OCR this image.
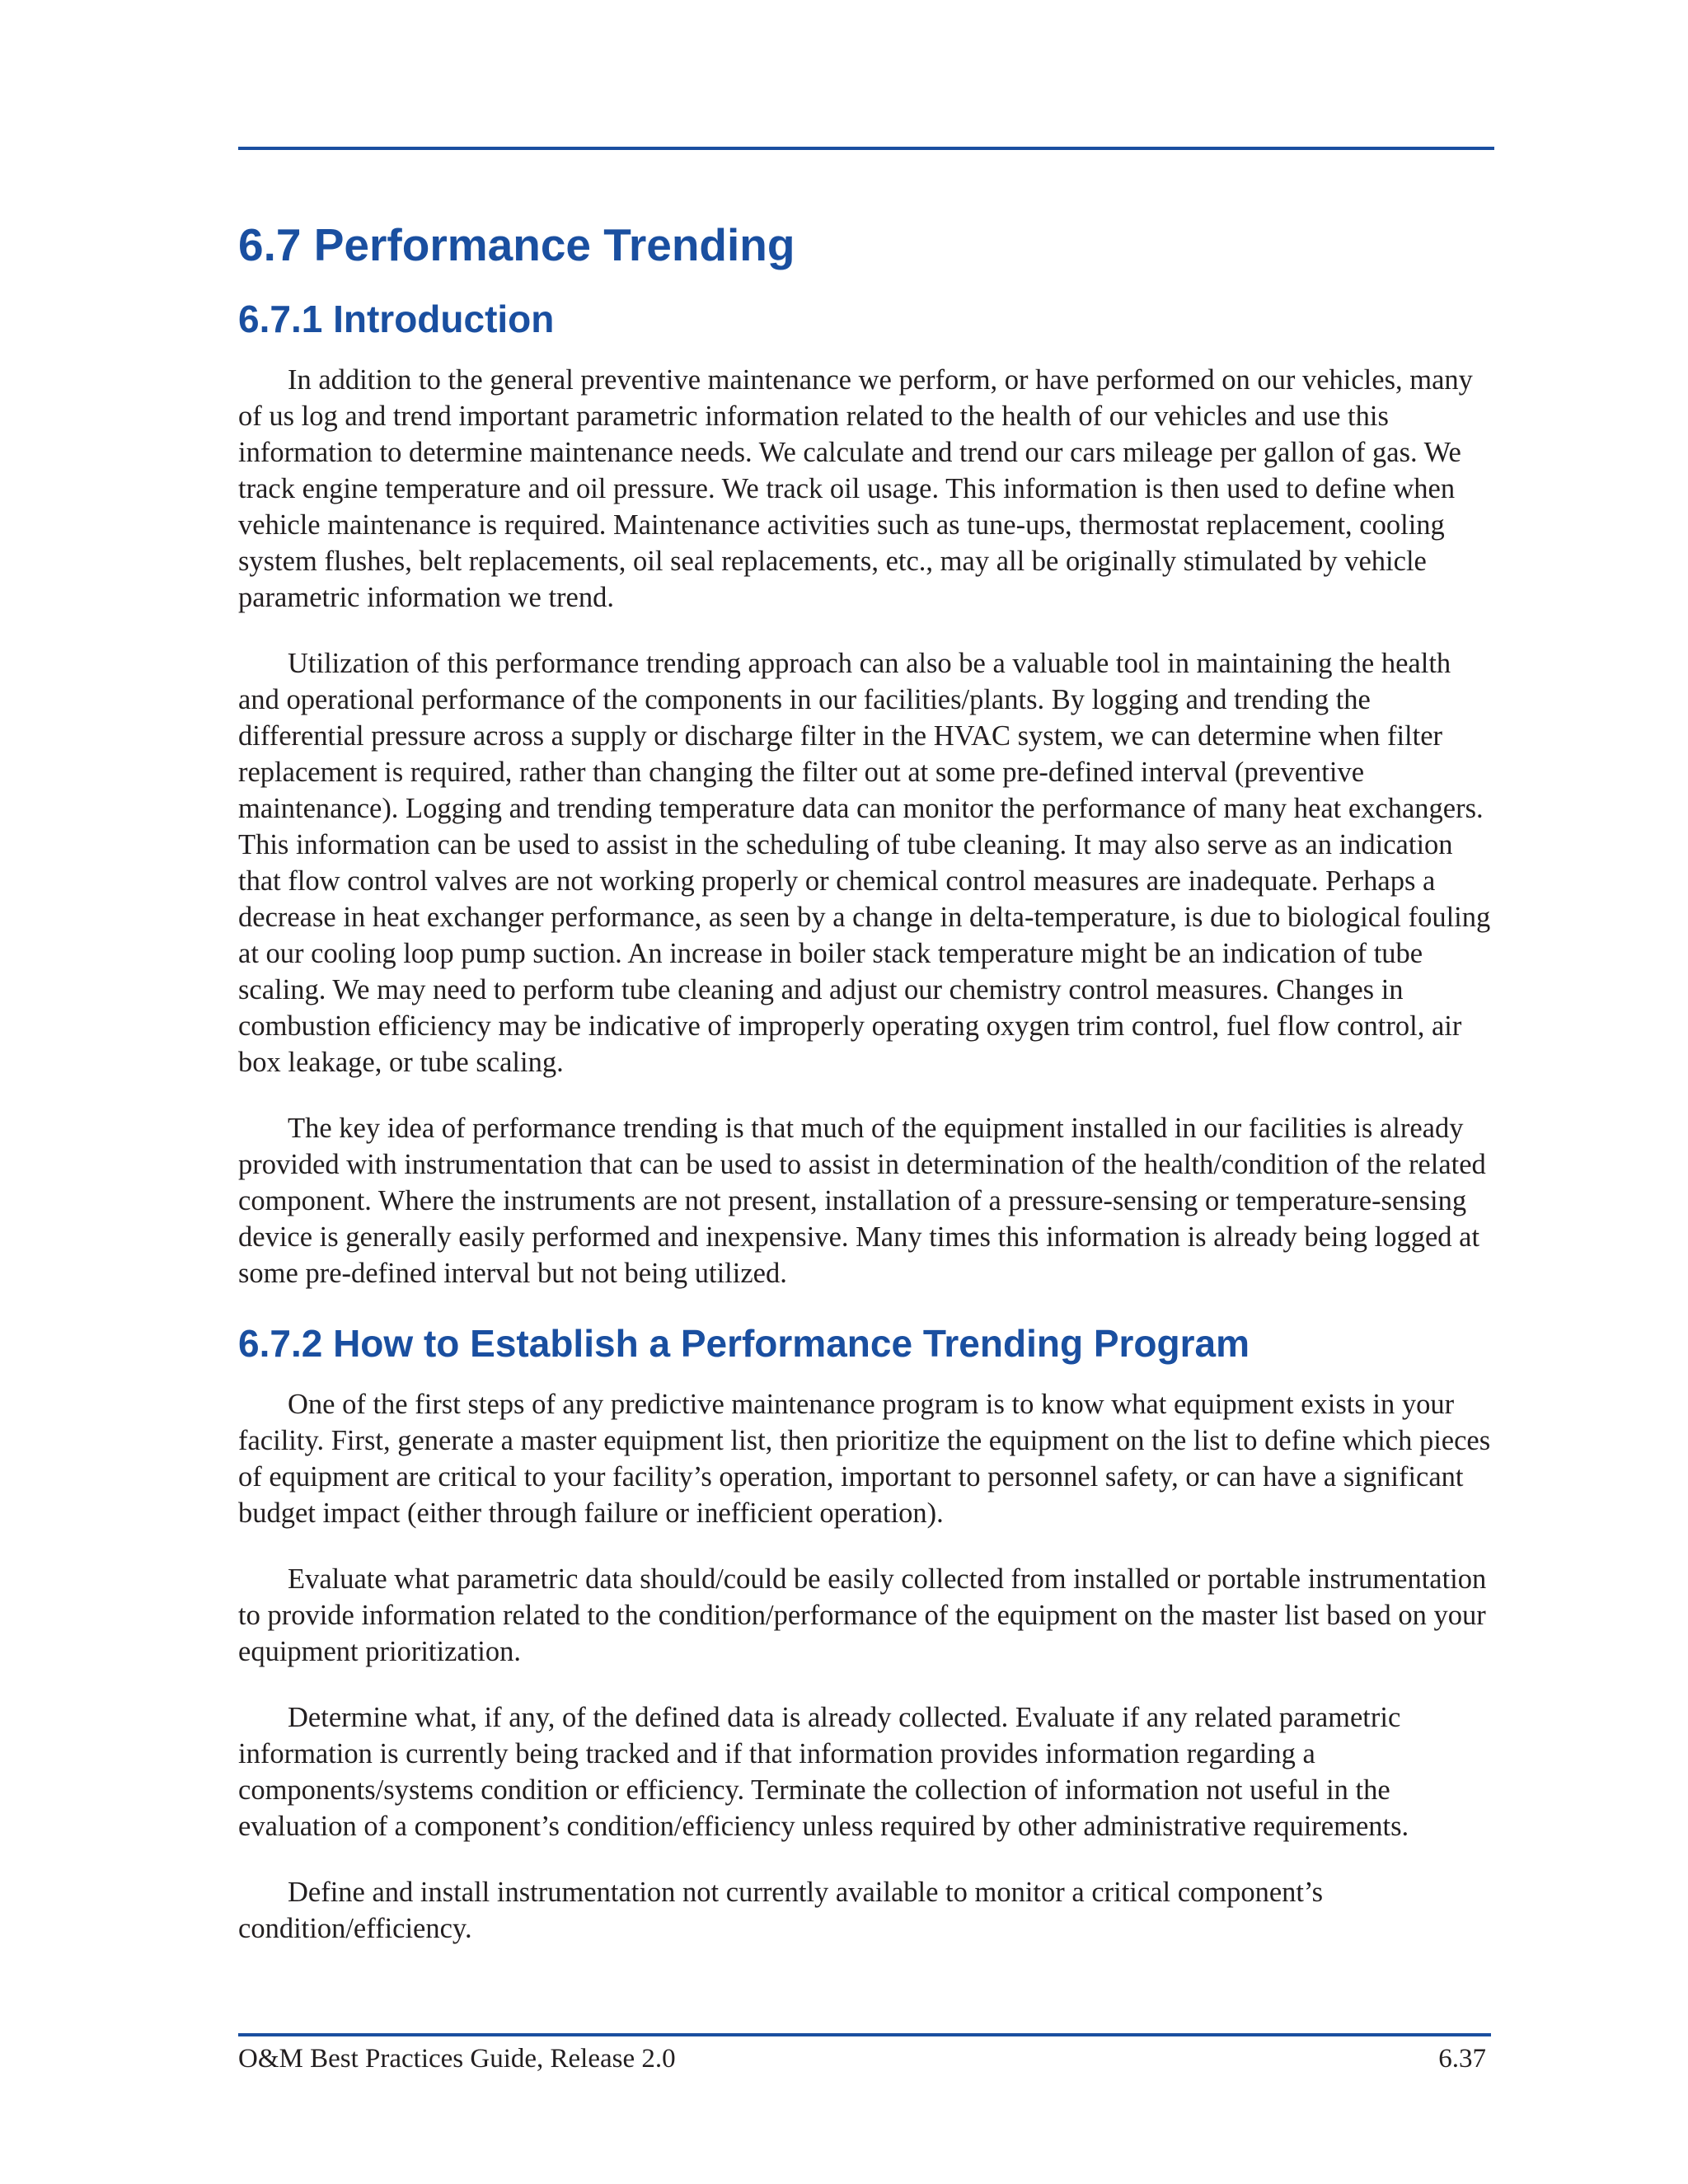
6.7 Performance Trending
6.7.1 Introduction

In addition to the general preventive maintenance we perform, or have performed on our vehicles, many of us log and trend important parametric information related to the health of our vehicles and use this information to determine maintenance needs. We calculate and trend our cars mileage per gallon of gas. We track engine temperature and oil pressure. We track oil usage. This information is then used to define when vehicle maintenance is required. Maintenance activities such as tune-ups, thermostat replacement, cooling system flushes, belt replacements, oil seal replacements, etc., may all be originally stimulated by vehicle parametric information we trend.

Utilization of this performance trending approach can also be a valuable tool in maintaining the health and operational performance of the components in our facilities/plants. By logging and trending the differential pressure across a supply or discharge filter in the HVAC system, we can determine when filter replacement is required, rather than changing the filter out at some pre-defined interval (preventive maintenance). Logging and trending temperature data can monitor the performance of many heat exchangers. This information can be used to assist in the scheduling of tube cleaning. It may also serve as an indication that flow control valves are not working properly or chemical control measures are inadequate. Perhaps a decrease in heat exchanger performance, as seen by a change in delta-temperature, is due to biological fouling at our cooling loop pump suction. An increase in boiler stack temperature might be an indication of tube scaling. We may need to perform tube cleaning and adjust our chemistry control measures. Changes in combustion efficiency may be indicative of improperly operating oxygen trim control, fuel flow control, air box leakage, or tube scaling.

The key idea of performance trending is that much of the equipment installed in our facilities is already provided with instrumentation that can be used to assist in determination of the health/condition of the related component. Where the instruments are not present, installation of a pressure-sensing or temperature-sensing device is generally easily performed and inexpensive. Many times this information is already being logged at some pre-defined interval but not being utilized.

6.7.2 How to Establish a Performance Trending Program

One of the first steps of any predictive maintenance program is to know what equipment exists in your facility. First, generate a master equipment list, then prioritize the equipment on the list to define which pieces of equipment are critical to your facility’s operation, important to personnel safety, or can have a significant budget impact (either through failure or inefficient operation).

Evaluate what parametric data should/could be easily collected from installed or portable instrumentation to provide information related to the condition/performance of the equipment on the master list based on your equipment prioritization.

Determine what, if any, of the defined data is already collected. Evaluate if any related parametric information is currently being tracked and if that information provides information regarding a components/systems condition or efficiency. Terminate the collection of information not useful in the evaluation of a component’s condition/efficiency unless required by other administrative requirements.

Define and install instrumentation not currently available to monitor a critical component’s condition/efficiency.

O&M Best Practices Guide, Release 2.0	6.37
